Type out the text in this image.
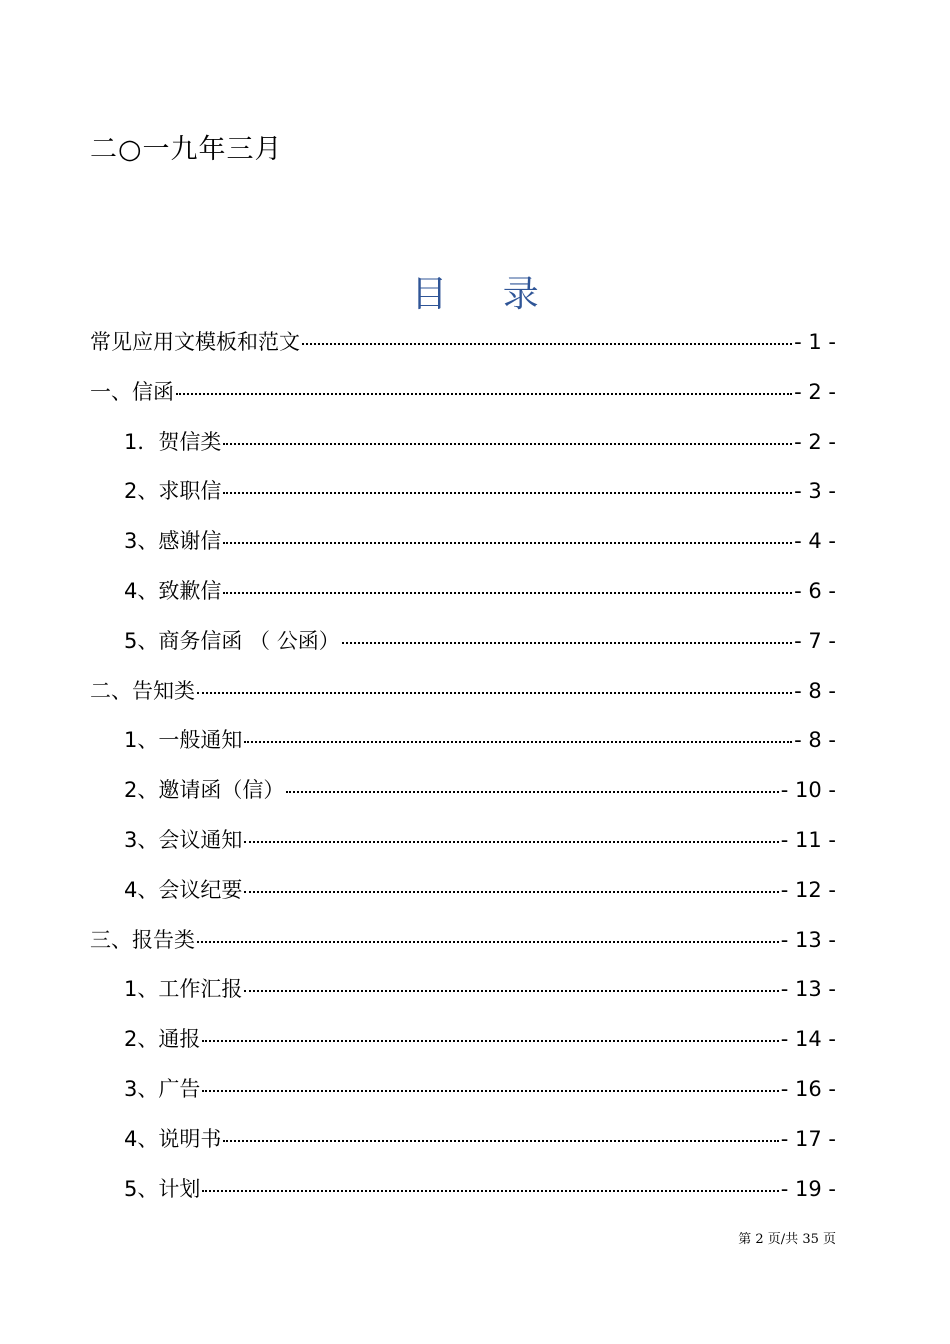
二○一九年三月
目 录
常见应用文模板和范文	- 1 -
一、信函	- 2 -
1．贺信类	- 2 -
2、求职信	- 3 -
3、感谢信	- 4 -
4、致歉信	- 6 -
5、商务信函 （ 公函）	- 7 -
二、告知类	- 8 -
1、一般通知	- 8 -
2、邀请函（信）	- 10 -
3、会议通知	- 11 -
4、会议纪要	- 12 -
三、报告类	- 13 -
1、工作汇报	- 13 -
2、通报	- 14 -
3、广告	- 16 -
4、说明书	- 17 -
5、计划	- 19 -
第 2 页/共 35 页
